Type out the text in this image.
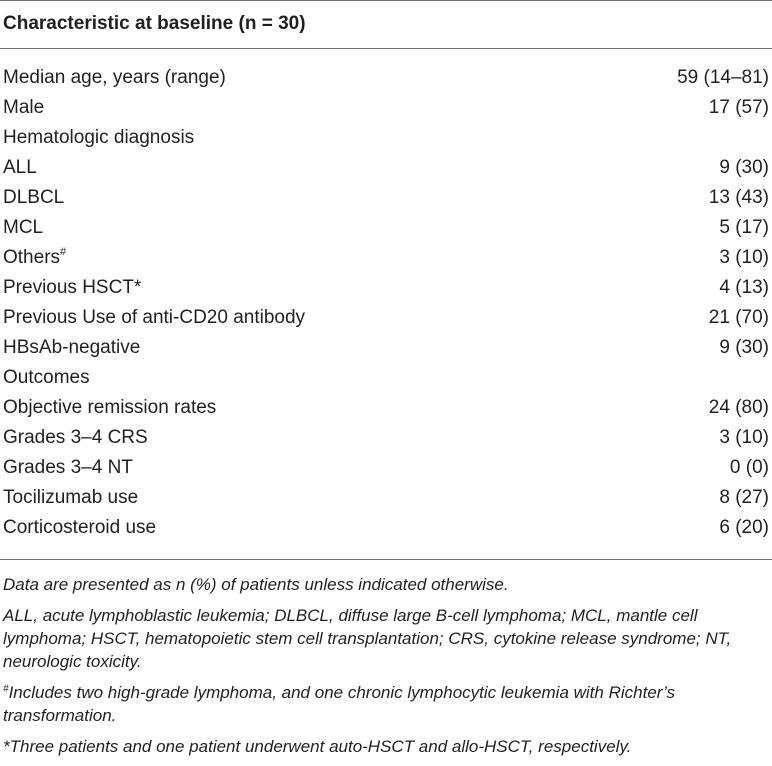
Characteristic at baseline (n = 30)
Median age, years (range)	59 (14–81)
Male	17 (57)
Hematologic diagnosis
ALL	9 (30)
DLBCL	13 (43)
MCL	5 (17)
Others#	3 (10)
Previous HSCT*	4 (13)
Previous Use of anti-CD20 antibody	21 (70)
HBsAb-negative	9 (30)
Outcomes
Objective remission rates	24 (80)
Grades 3–4 CRS	3 (10)
Grades 3–4 NT	0 (0)
Tocilizumab use	8 (27)
Corticosteroid use	6 (20)

Data are presented as n (%) of patients unless indicated otherwise.

ALL, acute lymphoblastic leukemia; DLBCL, diffuse large B-cell lymphoma; MCL, mantle cell lymphoma; HSCT, hematopoietic stem cell transplantation; CRS, cytokine release syndrome; NT, neurologic toxicity.

#Includes two high-grade lymphoma, and one chronic lymphocytic leukemia with Richter’s transformation.

*Three patients and one patient underwent auto-HSCT and allo-HSCT, respectively.
